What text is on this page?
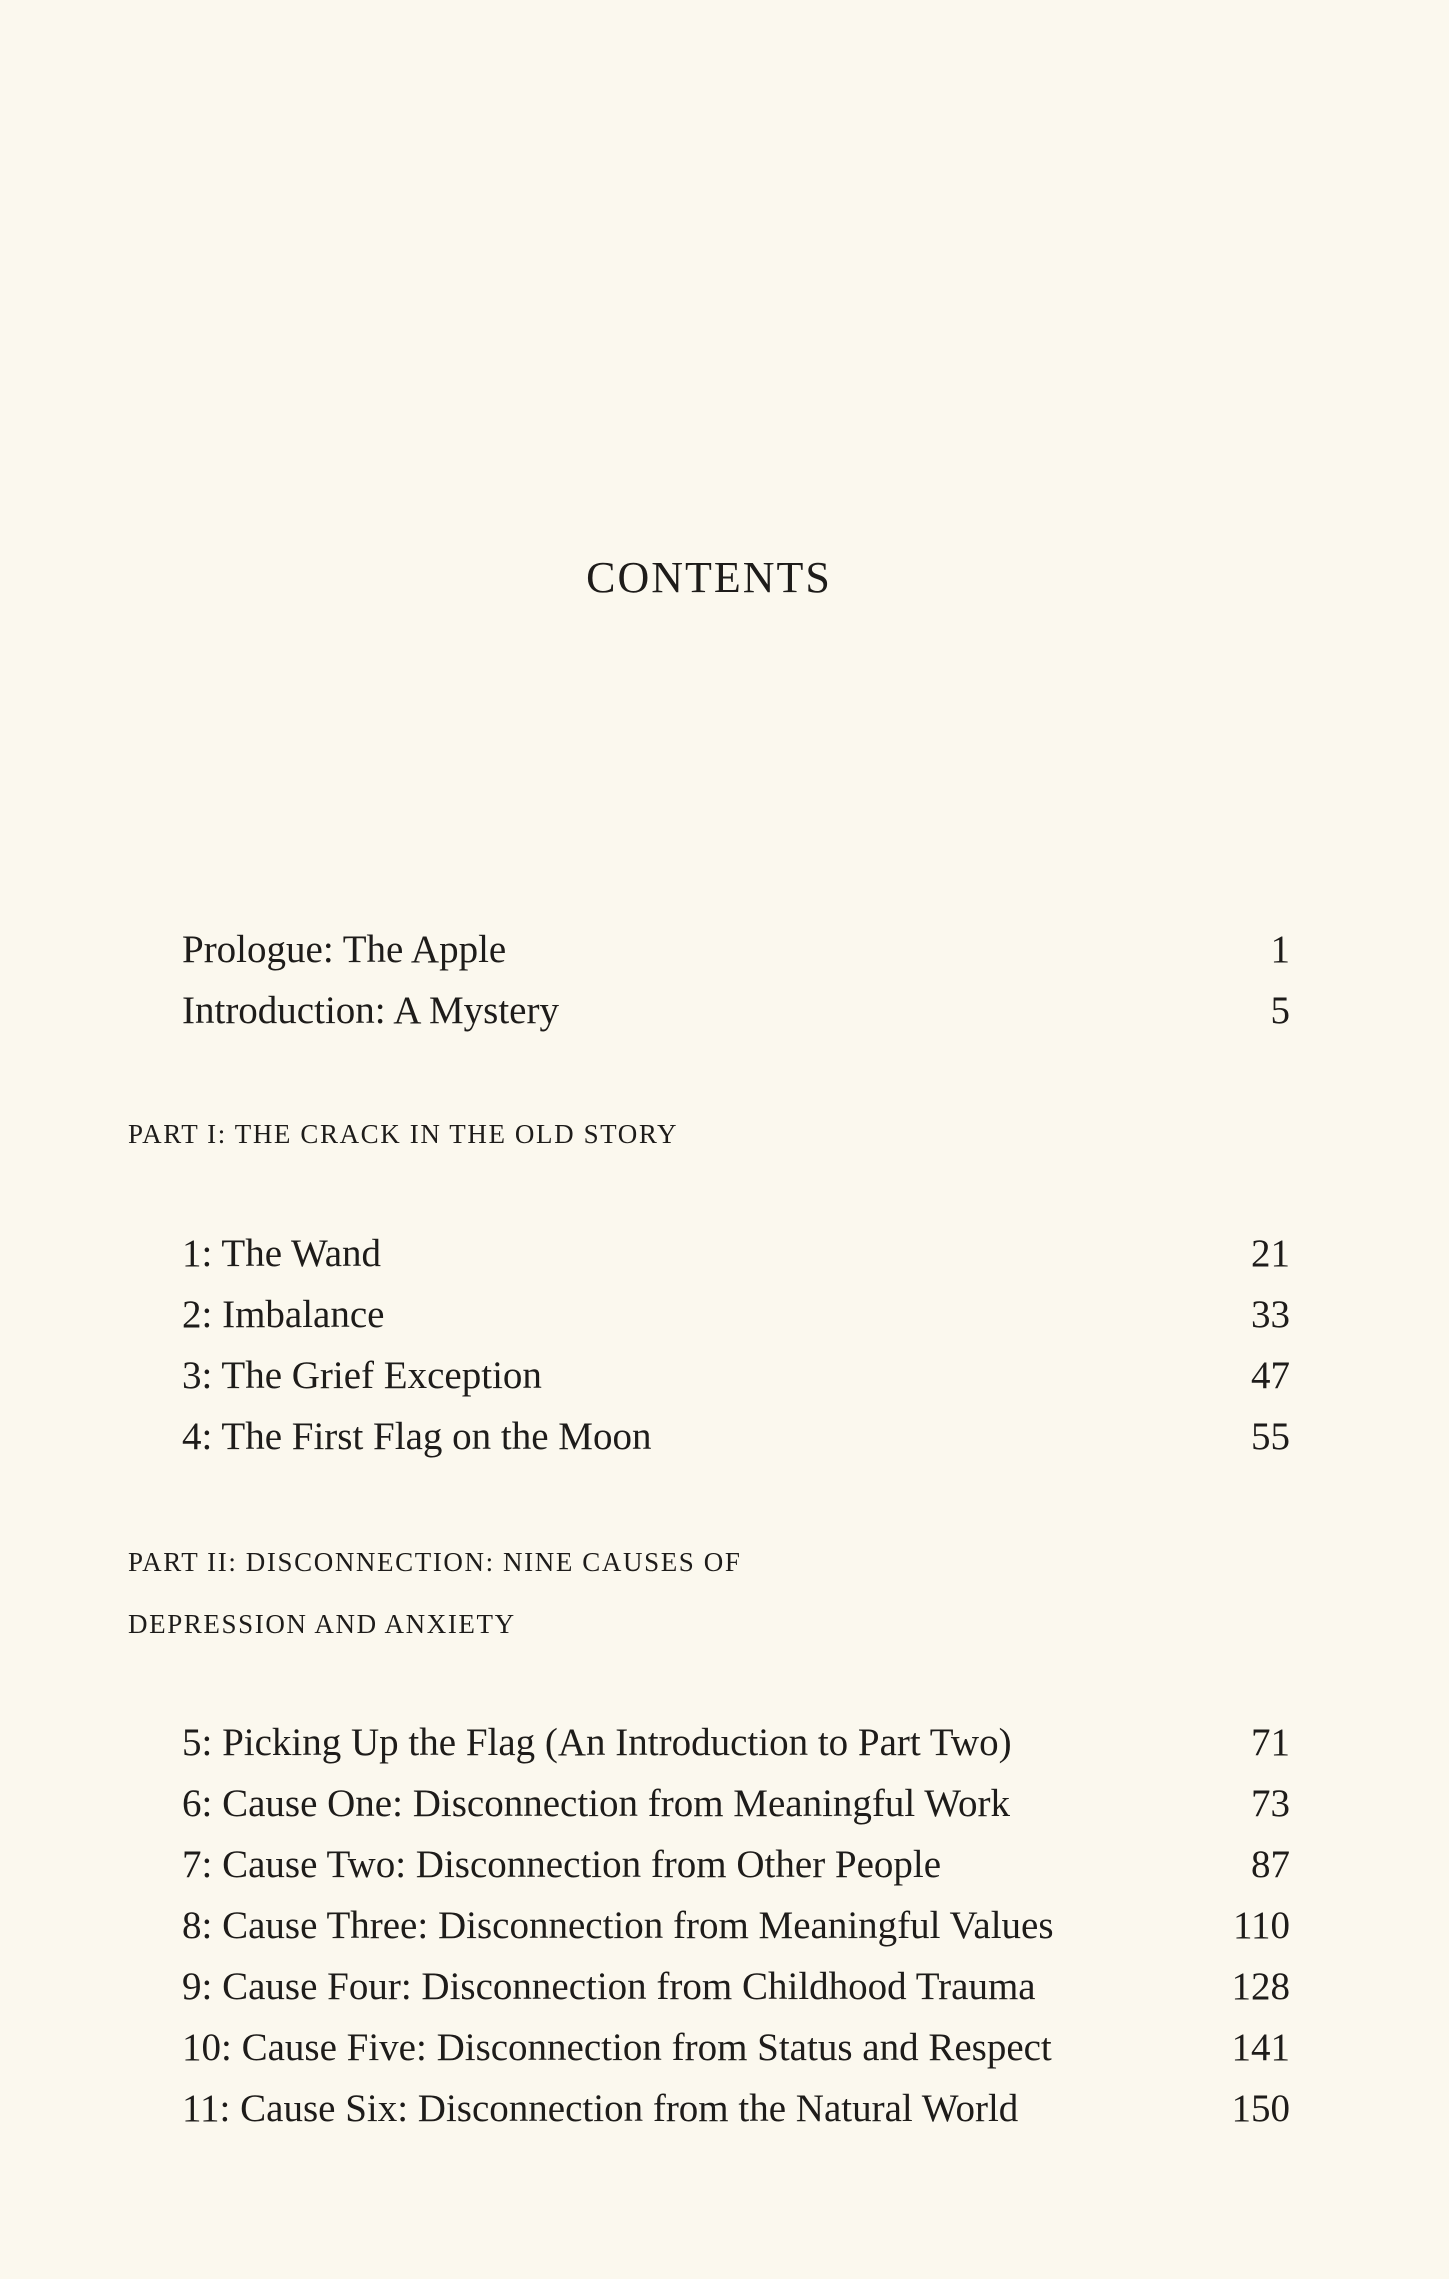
CONTENTS
Prologue: The Apple	1
Introduction: A Mystery	5
PART I: THE CRACK IN THE OLD STORY
1: The Wand	21
2: Imbalance	33
3: The Grief Exception	47
4: The First Flag on the Moon	55
PART II: DISCONNECTION: NINE CAUSES OF
DEPRESSION AND ANXIETY
5: Picking Up the Flag (An Introduction to Part Two)	71
6: Cause One: Disconnection from Meaningful Work	73
7: Cause Two: Disconnection from Other People	87
8: Cause Three: Disconnection from Meaningful Values	110
9: Cause Four: Disconnection from Childhood Trauma	128
10: Cause Five: Disconnection from Status and Respect	141
11: Cause Six: Disconnection from the Natural World	150
